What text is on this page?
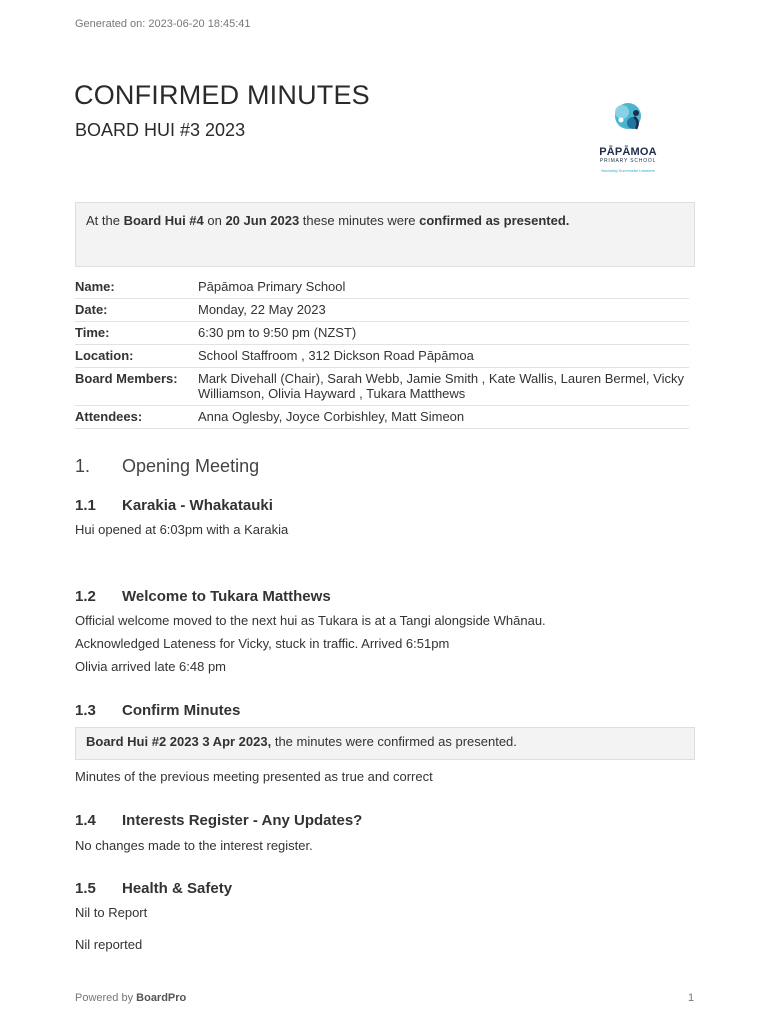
Generated on: 2023-06-20 18:45:41
CONFIRMED MINUTES
BOARD HUI #3 2023
PĀPĀMOA
PRIMARY SCHOOL
Nurturing Successful Learners
At the Board Hui #4 on 20 Jun 2023 these minutes were confirmed as presented.
Name:	Pāpāmoa Primary School
Date:	Monday, 22 May 2023
Time:	6:30 pm to 9:50 pm (NZST)
Location:	School Staffroom , 312 Dickson Road Pāpāmoa
Board Members:	Mark Divehall (Chair), Sarah Webb, Jamie Smith , Kate Wallis, Lauren Bermel, Vicky Williamson, Olivia Hayward , Tukara Matthews
Attendees:	Anna Oglesby, Joyce Corbishley, Matt Simeon
1. Opening Meeting
1.1 Karakia - Whakatauki
Hui opened at 6:03pm with a Karakia
1.2 Welcome to Tukara Matthews
Official welcome moved to the next hui as Tukara is at a Tangi alongside Whānau.
Acknowledged Lateness for Vicky, stuck in traffic. Arrived 6:51pm
Olivia arrived late 6:48 pm
1.3 Confirm Minutes
Board Hui #2 2023 3 Apr 2023, the minutes were confirmed as presented.
Minutes of the previous meeting presented as true and correct
1.4 Interests Register - Any Updates?
No changes made to the interest register.
1.5 Health & Safety
Nil to Report
Nil reported
Powered by BoardPro	1
